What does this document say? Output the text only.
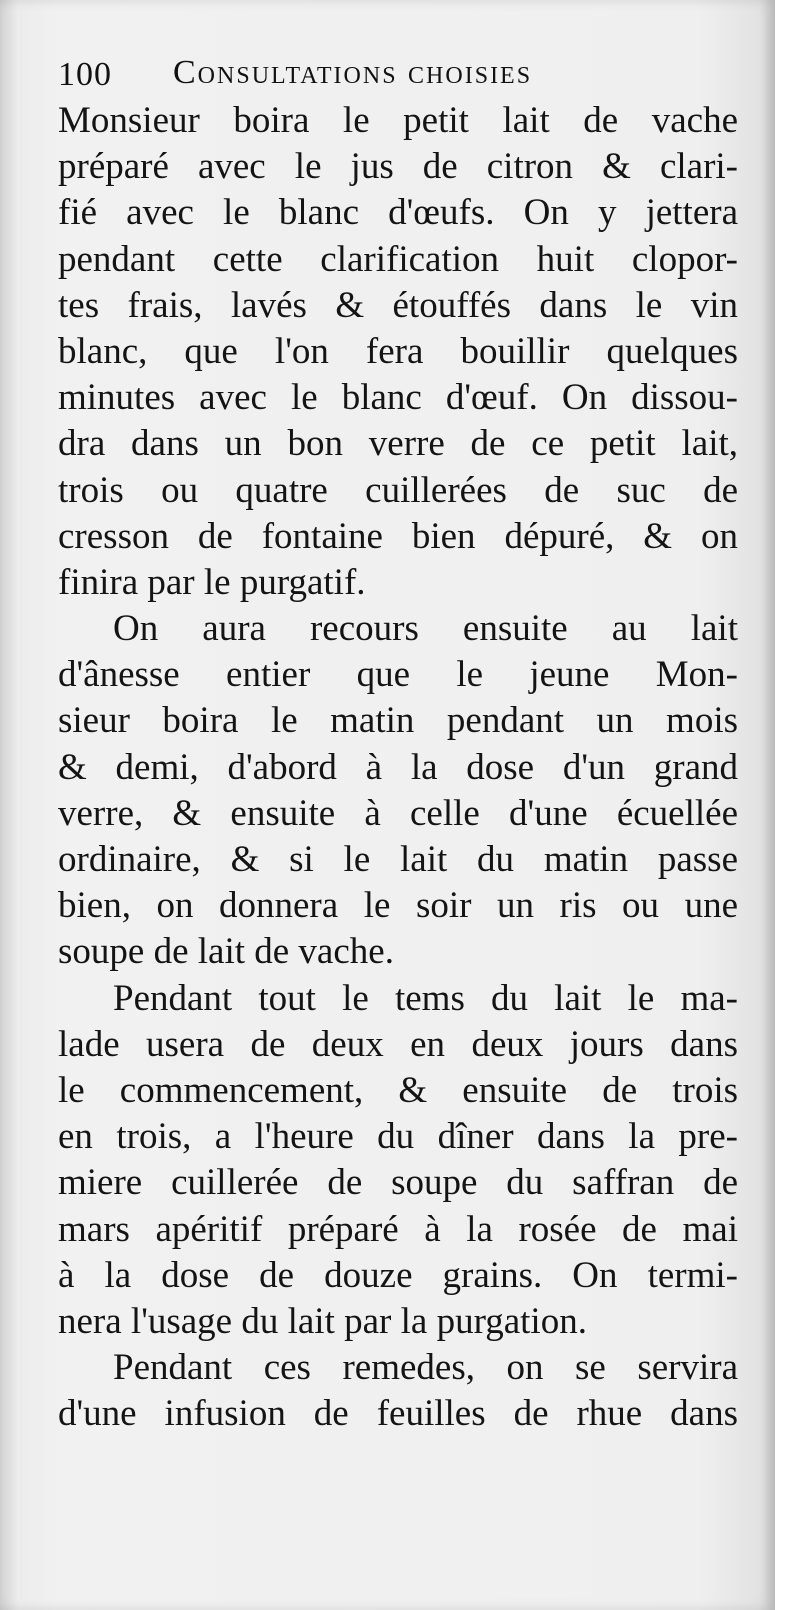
100 Consultations choisies
Monsieur boira le petit lait de vache
préparé avec le jus de citron & clari-
fié avec le blanc d'œufs. On y jettera
pendant cette clarification huit clopor-
tes frais, lavés & étouffés dans le vin
blanc, que l'on fera bouillir quelques
minutes avec le blanc d'œuf. On dissou-
dra dans un bon verre de ce petit lait,
trois ou quatre cuillerées de suc de
cresson de fontaine bien dépuré, & on
finira par le purgatif.
On aura recours ensuite au lait
d'ânesse entier que le jeune Mon-
sieur boira le matin pendant un mois
& demi, d'abord à la dose d'un grand
verre, & ensuite à celle d'une écuellée
ordinaire, & si le lait du matin passe
bien, on donnera le soir un ris ou une
soupe de lait de vache.
Pendant tout le tems du lait le ma-
lade usera de deux en deux jours dans
le commencement, & ensuite de trois
en trois, a l'heure du dîner dans la pre-
miere cuillerée de soupe du saffran de
mars apéritif préparé à la rosée de mai
à la dose de douze grains. On termi-
nera l'usage du lait par la purgation.
Pendant ces remedes, on se servira
d'une infusion de feuilles de rhue dans
